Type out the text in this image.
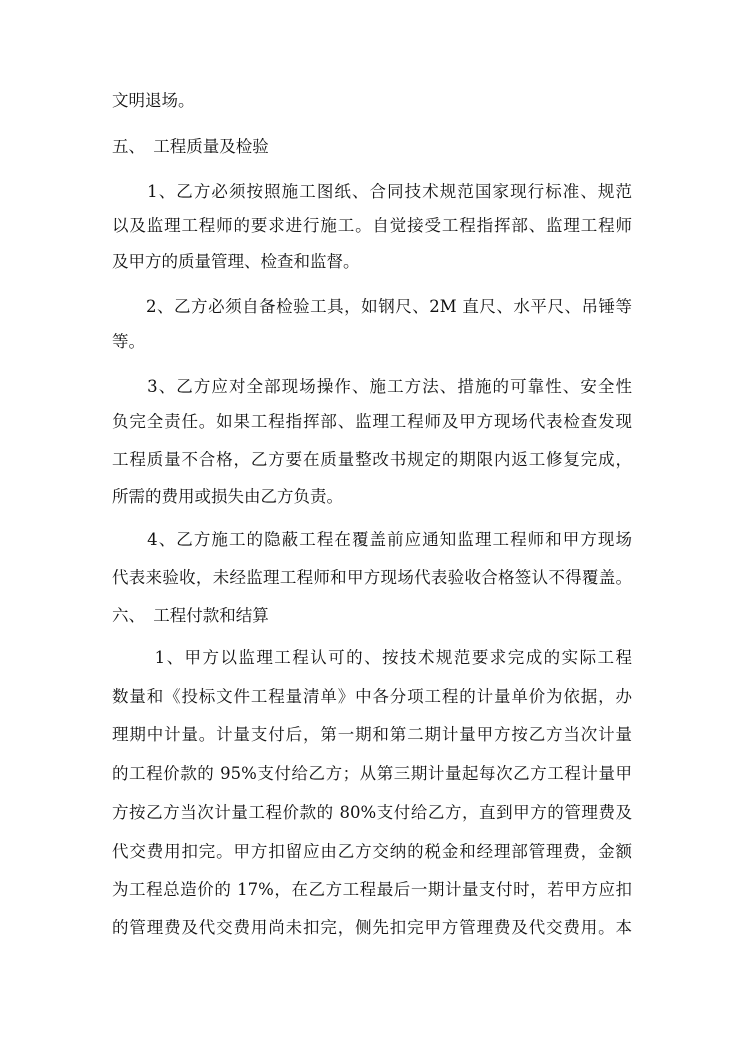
文明退场。
五、　工程质量及检验
　　1、乙方必须按照施工图纸、合同技术规范国家现行标准、规范
以及监理工程师的要求进行施工。自觉接受工程指挥部、监理工程师
及甲方的质量管理、检查和监督。
　　2、乙方必须自备检验工具，如钢尺、2M 直尺、水平尺、吊锤等
等。
　　3、乙方应对全部现场操作、施工方法、措施的可靠性、安全性
负完全责任。如果工程指挥部、监理工程师及甲方现场代表检查发现
工程质量不合格，乙方要在质量整改书规定的期限内返工修复完成，
所需的费用或损失由乙方负责。
　　4、乙方施工的隐蔽工程在覆盖前应通知监理工程师和甲方现场
代表来验收，未经监理工程师和甲方现场代表验收合格签认不得覆盖。
六、　工程付款和结算
　　 1、甲方以监理工程认可的、按技术规范要求完成的实际工程
数量和《投标文件工程量清单》中各分项工程的计量单价为依据，办
理期中计量。计量支付后，第一期和第二期计量甲方按乙方当次计量
的工程价款的 95%支付给乙方；从第三期计量起每次乙方工程计量甲
方按乙方当次计量工程价款的 80%支付给乙方，直到甲方的管理费及
代交费用扣完。甲方扣留应由乙方交纳的税金和经理部管理费，金额
为工程总造价的 17%，在乙方工程最后一期计量支付时，若甲方应扣
的管理费及代交费用尚未扣完，侧先扣完甲方管理费及代交费用。本
